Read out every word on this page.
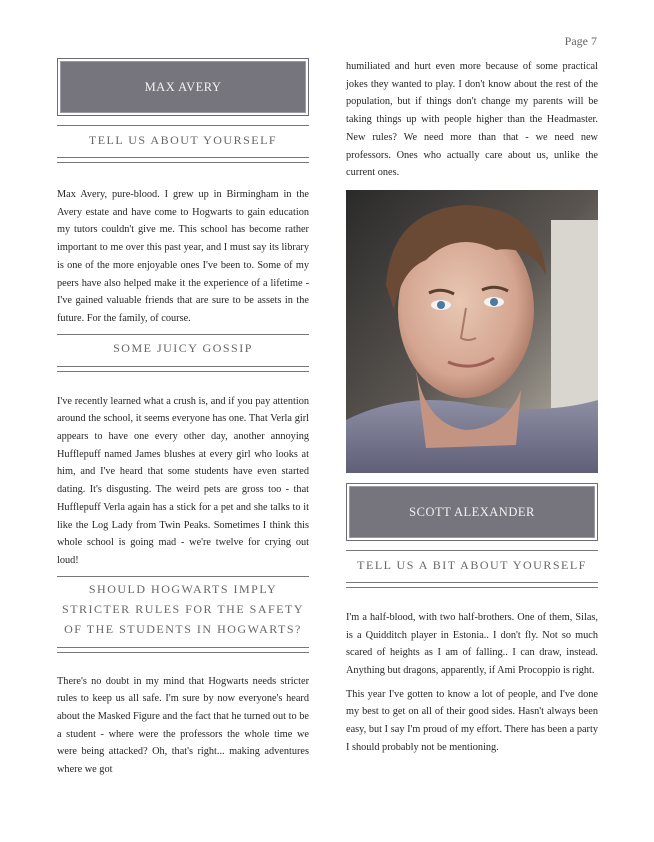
Page 7
MAX AVERY
TELL US ABOUT YOURSELF

Max Avery, pure-blood. I grew up in Birmingham in the Avery estate and have come to Hogwarts to gain education my tutors couldn't give me. This school has become rather important to me over this past year, and I must say its library is one of the more enjoyable ones I've been to. Some of my peers have also helped make it the experience of a lifetime - I've gained valuable friends that are sure to be assets in the future. For the family, of course.

SOME JUICY GOSSIP

I've recently learned what a crush is, and if you pay attention around the school, it seems everyone has one. That Verla girl appears to have one every other day, another annoying Hufflepuff named James blushes at every girl who looks at him, and I've heard that some students have even started dating. It's disgusting. The weird pets are gross too - that Hufflepuff Verla again has a stick for a pet and she talks to it like the Log Lady from Twin Peaks. Sometimes I think this whole school is going mad - we're twelve for crying out loud!

SHOULD HOGWARTS IMPLY STRICTER RULES FOR THE SAFETY OF THE STUDENTS IN HOGWARTS?

There's no doubt in my mind that Hogwarts needs stricter rules to keep us all safe. I'm sure by now everyone's heard about the Masked Figure and the fact that he turned out to be a student - where were the professors the whole time we were being attacked? Oh, that's right... making adventures where we got

humiliated and hurt even more because of some practical jokes they wanted to play. I don't know about the rest of the population, but if things don't change my parents will be taking things up with people higher than the Headmaster. New rules? We need more than that - we need new professors. Ones who actually care about us, unlike the current ones.

SCOTT ALEXANDER
TELL US A BIT ABOUT YOURSELF

I'm a half-blood, with two half-brothers. One of them, Silas, is a Quidditch player in Estonia.. I don't fly. Not so much scared of heights as I am of falling.. I can draw, instead. Anything but dragons, apparently, if Ami Procoppio is right.

This year I've gotten to know a lot of people, and I've done my best to get on all of their good sides. Hasn't always been easy, but I say I'm proud of my effort. There has been a party I should probably not be mentioning.
